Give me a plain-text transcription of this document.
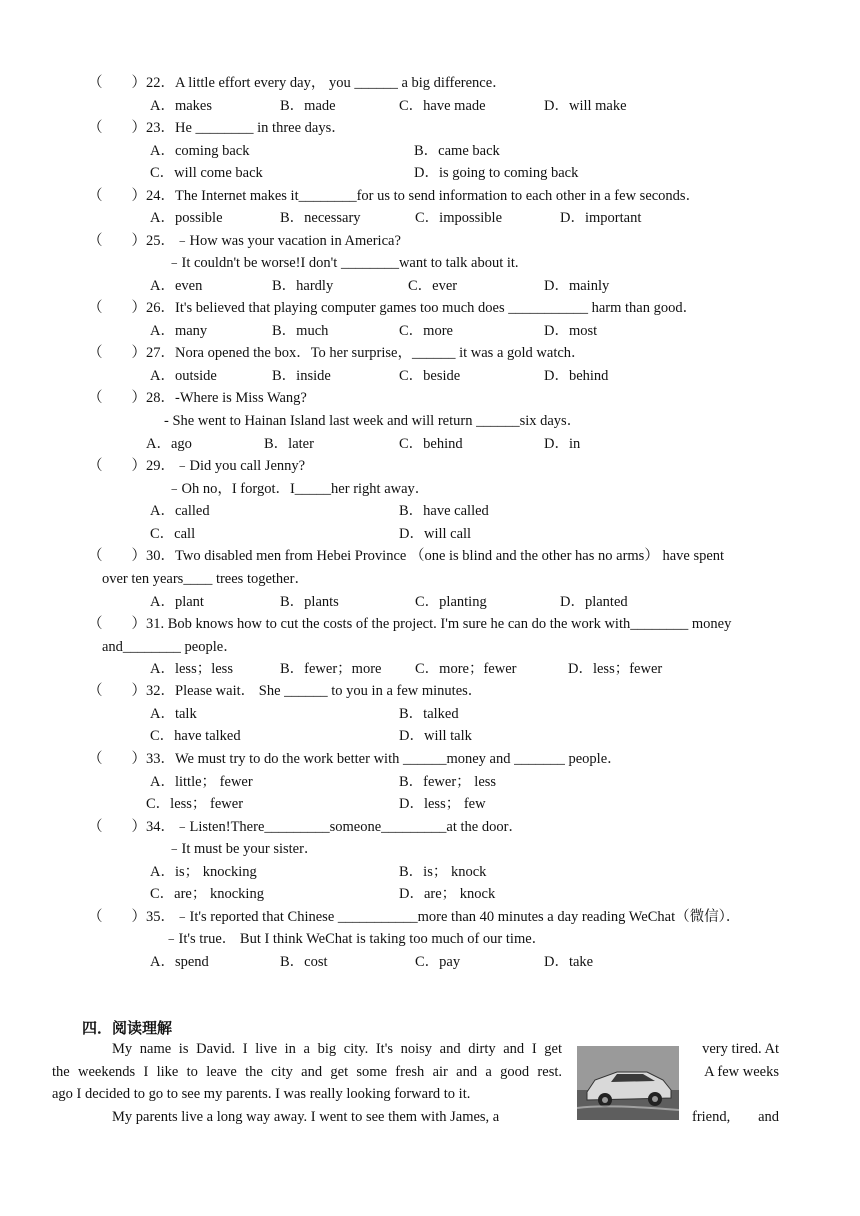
（　　）22．A little effort every day， you ______ a big difference．
A．makes	B．made	C．have made	D．will make
（　　）23．He ________ in three days．
A．coming back	B．came back
C．will come back	D．is going to coming back
（　　）24．The Internet makes it________for us to send information to each other in a few seconds．
A．possible	B．necessary	C．impossible	D．important
（　　）25．﹣How was your vacation in America?
﹣It couldn't be worse!I don't ________want to talk about it.
A．even	B．hardly	C．ever	D．mainly
（　　）26．It's believed that playing computer games too much does ___________ harm than good．
A．many	B．much	C．more	D．most
（　　）27．Nora opened the box．To her surprise，______ it was a gold watch．
A．outside	B．inside	C．beside	D．behind
（　　）28．-Where is Miss Wang?
- She went to Hainan Island last week and will return ______six days．
A．ago	B．later	C．behind	D．in
（　　）29．﹣Did you call Jenny?
﹣Oh no，I forgot．I_____her right away．
A．called	B．have called
C．call	D．will call
（　　）30．Two disabled men from Hebei Province （one is blind and the other has no arms） have spent
over ten years____ trees together．
A．plant	B．plants	C．planting	D．planted
（　　）31. Bob knows how to cut the costs of the project. I'm sure he can do the work with________ money
and________ people．
A．less；less	B．fewer；more C．more；fewer	D．less；fewer
（　　）32．Please wait． She ______ to you in a few minutes．
A．talk	B．talked
C．have talked	D．will talk
（　　）33．We must try to do the work better with ______money and _______ people．
A．little； fewer	B．fewer； less
C．less； fewer	D．less； few
（　　）34．﹣Listen!There_________someone_________at the door．
﹣It must be your sister．
A．is； knocking	B．is； knock
C．are； knocking	D．are； knock
（　　）35．﹣It's reported that Chinese ___________more than 40 minutes a day reading WeChat（微信）．
﹣It's true． But I think WeChat is taking too much of our time．
A．spend	B．cost	C．pay	D．take
四．阅读理解
My name is David. I live in a big city. It's noisy and dirty and I get
the weekends I like to leave the city and get some fresh air and a good rest.
ago I decided to go to see my parents. I was really looking forward to it.
very tired. At
A few weeks
My parents live a long way away. I went to see them with James, a	friend, and
